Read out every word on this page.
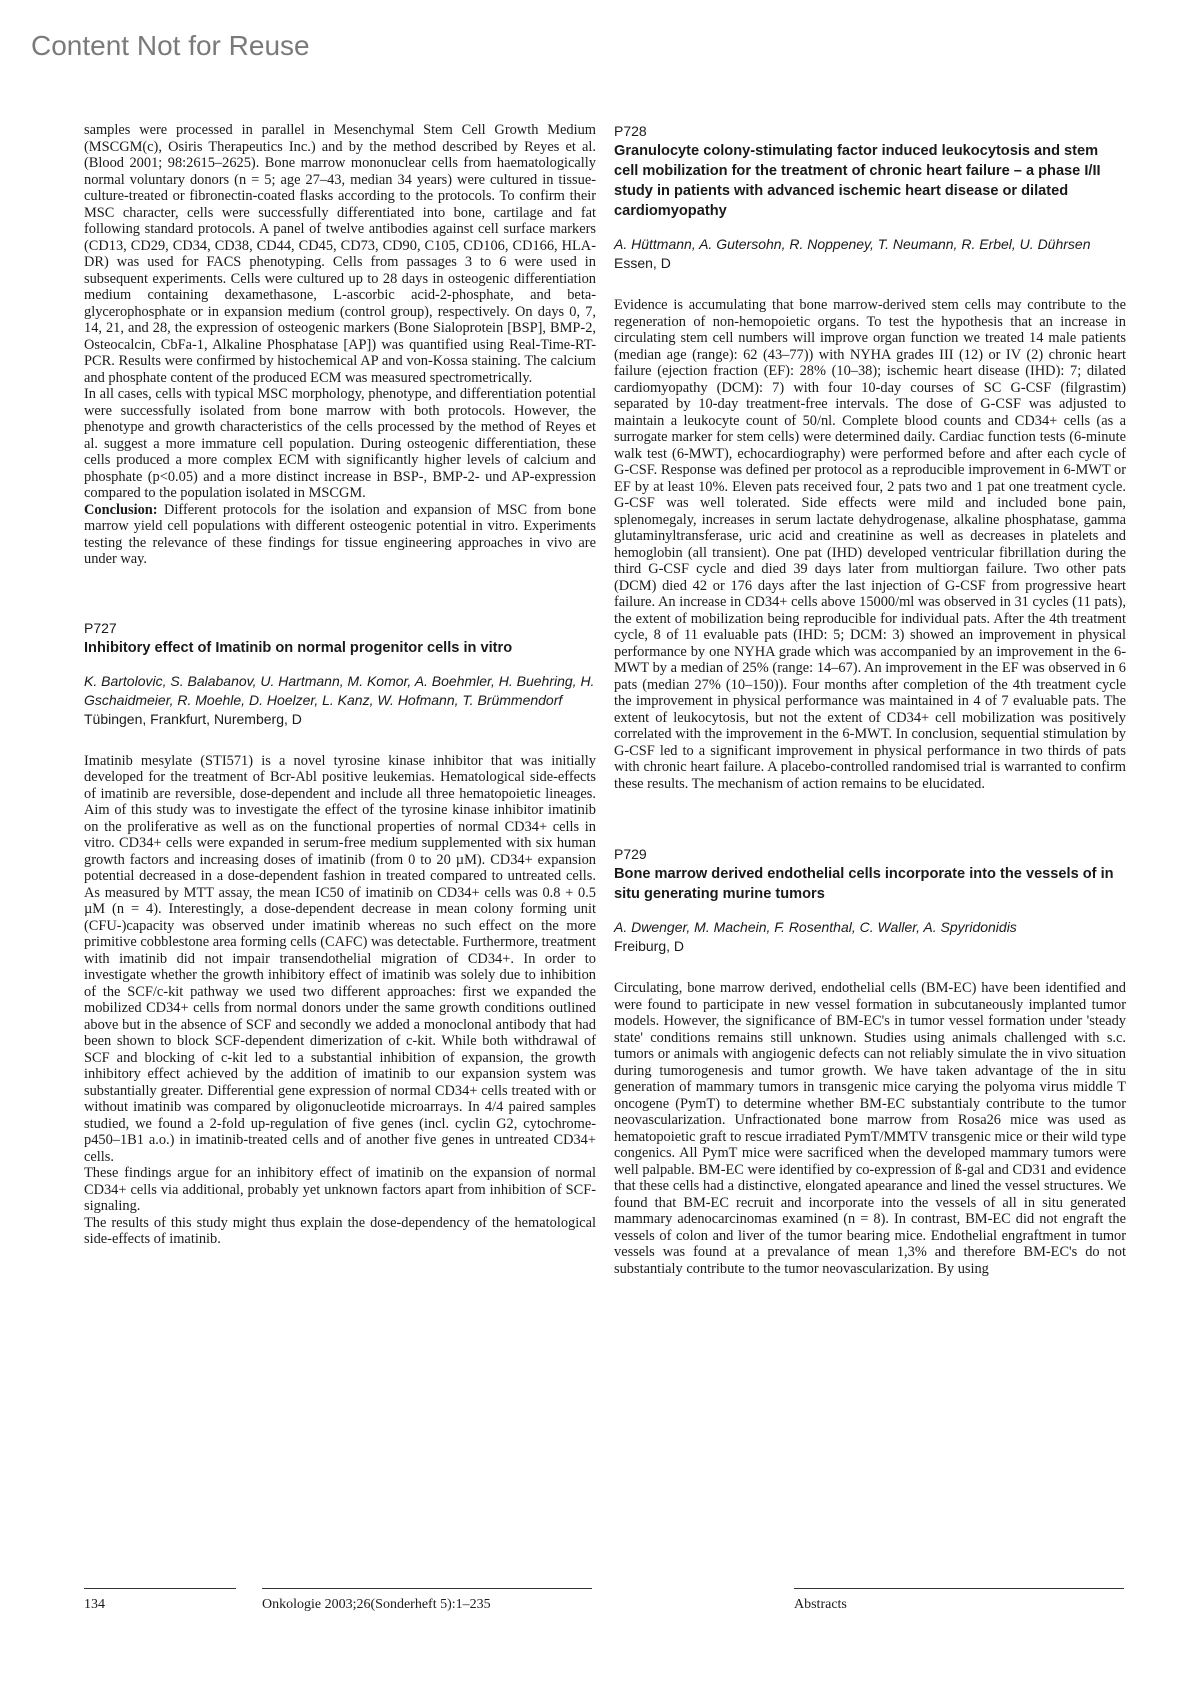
Content Not for Reuse

samples were processed in parallel in Mesenchymal Stem Cell Growth Medium (MSCGM(c), Osiris Therapeutics Inc.) and by the method described by Reyes et al. (Blood 2001; 98:2615–2625). Bone marrow mononuclear cells from haematologically normal voluntary donors (n = 5; age 27–43, median 34 years) were cultured in tissue-culture-treated or fibronectin-coated flasks according to the protocols. To confirm their MSC character, cells were successfully differentiated into bone, cartilage and fat following standard protocols. A panel of twelve antibodies against cell surface markers (CD13, CD29, CD34, CD38, CD44, CD45, CD73, CD90, C105, CD106, CD166, HLA-DR) was used for FACS phenotyping. Cells from passages 3 to 6 were used in subsequent experiments. Cells were cultured up to 28 days in osteogenic differentiation medium containing dexamethasone, L-ascorbic acid-2-phosphate, and beta-glycerophosphate or in expansion medium (control group), respectively. On days 0, 7, 14, 21, and 28, the expression of osteogenic markers (Bone Sialoprotein [BSP], BMP-2, Osteocalcin, CbFa-1, Alkaline Phosphatase [AP]) was quantified using Real-Time-RT-PCR. Results were confirmed by histochemical AP and von-Kossa staining. The calcium and phosphate content of the produced ECM was measured spectrometrically.

In all cases, cells with typical MSC morphology, phenotype, and differentiation potential were successfully isolated from bone marrow with both protocols. However, the phenotype and growth characteristics of the cells processed by the method of Reyes et al. suggest a more immature cell population. During osteogenic differentiation, these cells produced a more complex ECM with significantly higher levels of calcium and phosphate (p<0.05) and a more distinct increase in BSP-, BMP-2- und AP-expression compared to the population isolated in MSCGM.

Conclusion: Different protocols for the isolation and expansion of MSC from bone marrow yield cell populations with different osteogenic potential in vitro. Experiments testing the relevance of these findings for tissue engineering approaches in vivo are under way.

P727
Inhibitory effect of Imatinib on normal progenitor cells in vitro
K. Bartolovic, S. Balabanov, U. Hartmann, M. Komor, A. Boehmler, H. Buehring, H. Gschaidmeier, R. Moehle, D. Hoelzer, L. Kanz, W. Hofmann, T. Brümmendorf
Tübingen, Frankfurt, Nuremberg, D

Imatinib mesylate (STI571) is a novel tyrosine kinase inhibitor that was initially developed for the treatment of Bcr-Abl positive leukemias. Hematological side-effects of imatinib are reversible, dose-dependent and include all three hematopoietic lineages. Aim of this study was to investigate the effect of the tyrosine kinase inhibitor imatinib on the proliferative as well as on the functional properties of normal CD34+ cells in vitro. CD34+ cells were expanded in serum-free medium supplemented with six human growth factors and increasing doses of imatinib (from 0 to 20 µM). CD34+ expansion potential decreased in a dose-dependent fashion in treated compared to untreated cells. As measured by MTT assay, the mean IC50 of imatinib on CD34+ cells was 0.8 + 0.5 µM (n = 4). Interestingly, a dose-dependent decrease in mean colony forming unit (CFU-)capacity was observed under imatinib whereas no such effect on the more primitive cobblestone area forming cells (CAFC) was detectable. Furthermore, treatment with imatinib did not impair transendothelial migration of CD34+. In order to investigate whether the growth inhibitory effect of imatinib was solely due to inhibition of the SCF/c-kit pathway we used two different approaches: first we expanded the mobilized CD34+ cells from normal donors under the same growth conditions outlined above but in the absence of SCF and secondly we added a monoclonal antibody that had been shown to block SCF-dependent dimerization of c-kit. While both withdrawal of SCF and blocking of c-kit led to a substantial inhibition of expansion, the growth inhibitory effect achieved by the addition of imatinib to our expansion system was substantially greater. Differential gene expression of normal CD34+ cells treated with or without imatinib was compared by oligonucleotide microarrays. In 4/4 paired samples studied, we found a 2-fold up-regulation of five genes (incl. cyclin G2, cytochrome-p450–1B1 a.o.) in imatinib-treated cells and of another five genes in untreated CD34+ cells.

These findings argue for an inhibitory effect of imatinib on the expansion of normal CD34+ cells via additional, probably yet unknown factors apart from inhibition of SCF-signaling.

The results of this study might thus explain the dose-dependency of the hematological side-effects of imatinib.

P728
Granulocyte colony-stimulating factor induced leukocytosis and stem cell mobilization for the treatment of chronic heart failure – a phase I/II study in patients with advanced ischemic heart disease or dilated cardiomyopathy
A. Hüttmann, A. Gutersohn, R. Noppeney, T. Neumann, R. Erbel, U. Dührsen
Essen, D

Evidence is accumulating that bone marrow-derived stem cells may contribute to the regeneration of non-hemopoietic organs. To test the hypothesis that an increase in circulating stem cell numbers will improve organ function we treated 14 male patients (median age (range): 62 (43–77)) with NYHA grades III (12) or IV (2) chronic heart failure (ejection fraction (EF): 28% (10–38); ischemic heart disease (IHD): 7; dilated cardiomyopathy (DCM): 7) with four 10-day courses of SC G-CSF (filgrastim) separated by 10-day treatment-free intervals. The dose of G-CSF was adjusted to maintain a leukocyte count of 50/nl. Complete blood counts and CD34+ cells (as a surrogate marker for stem cells) were determined daily. Cardiac function tests (6-minute walk test (6-MWT), echocardiography) were performed before and after each cycle of G-CSF. Response was defined per protocol as a reproducible improvement in 6-MWT or EF by at least 10%. Eleven pats received four, 2 pats two and 1 pat one treatment cycle. G-CSF was well tolerated. Side effects were mild and included bone pain, splenomegaly, increases in serum lactate dehydrogenase, alkaline phosphatase, gamma glutaminyltransferase, uric acid and creatinine as well as decreases in platelets and hemoglobin (all transient). One pat (IHD) developed ventricular fibrillation during the third G-CSF cycle and died 39 days later from multiorgan failure. Two other pats (DCM) died 42 or 176 days after the last injection of G-CSF from progressive heart failure. An increase in CD34+ cells above 15000/ml was observed in 31 cycles (11 pats), the extent of mobilization being reproducible for individual pats. After the 4th treatment cycle, 8 of 11 evaluable pats (IHD: 5; DCM: 3) showed an improvement in physical performance by one NYHA grade which was accompanied by an improvement in the 6-MWT by a median of 25% (range: 14–67). An improvement in the EF was observed in 6 pats (median 27% (10–150)). Four months after completion of the 4th treatment cycle the improvement in physical performance was maintained in 4 of 7 evaluable pats. The extent of leukocytosis, but not the extent of CD34+ cell mobilization was positively correlated with the improvement in the 6-MWT. In conclusion, sequential stimulation by G-CSF led to a significant improvement in physical performance in two thirds of pats with chronic heart failure. A placebo-controlled randomised trial is warranted to confirm these results. The mechanism of action remains to be elucidated.

P729
Bone marrow derived endothelial cells incorporate into the vessels of in situ generating murine tumors
A. Dwenger, M. Machein, F. Rosenthal, C. Waller, A. Spyridonidis
Freiburg, D

Circulating, bone marrow derived, endothelial cells (BM-EC) have been identified and were found to participate in new vessel formation in subcutaneously implanted tumor models. However, the significance of BM-EC's in tumor vessel formation under 'steady state' conditions remains still unknown. Studies using animals challenged with s.c. tumors or animals with angiogenic defects can not reliably simulate the in vivo situation during tumorogenesis and tumor growth. We have taken advantage of the in situ generation of mammary tumors in transgenic mice carying the polyoma virus middle T oncogene (PymT) to determine whether BM-EC substantialy contribute to the tumor neovascularization. Unfractionated bone marrow from Rosa26 mice was used as hematopoietic graft to rescue irradiated PymT/MMTV transgenic mice or their wild type congenics. All PymT mice were sacrificed when the developed mammary tumors were well palpable. BM-EC were identified by co-expression of ß-gal and CD31 and evidence that these cells had a distinctive, elongated apearance and lined the vessel structures. We found that BM-EC recruit and incorporate into the vessels of all in situ generated mammary adenocarcinomas examined (n = 8). In contrast, BM-EC did not engraft the vessels of colon and liver of the tumor bearing mice. Endothelial engraftment in tumor vessels was found at a prevalance of mean 1,3% and therefore BM-EC's do not substantialy contribute to the tumor neovascularization. By using

134	Onkologie 2003;26(Sonderheft 5):1–235	Abstracts
